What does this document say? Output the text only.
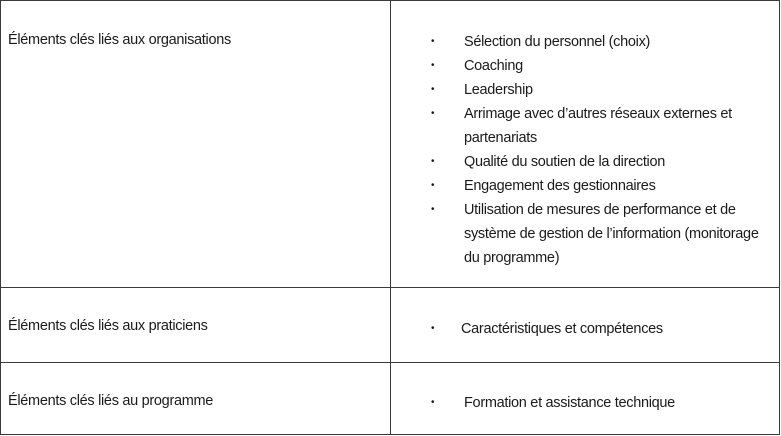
Éléments clés liés aux organisations	• Sélection du personnel (choix)
• Coaching
• Leadership
• Arrimage avec d’autres réseaux externes et partenariats
• Qualité du soutien de la direction
• Engagement des gestionnaires
• Utilisation de mesures de performance et de système de gestion de l’information (monitorage du programme)
Éléments clés liés aux praticiens	• Caractéristiques et compétences
Éléments clés liés au programme	• Formation et assistance technique
